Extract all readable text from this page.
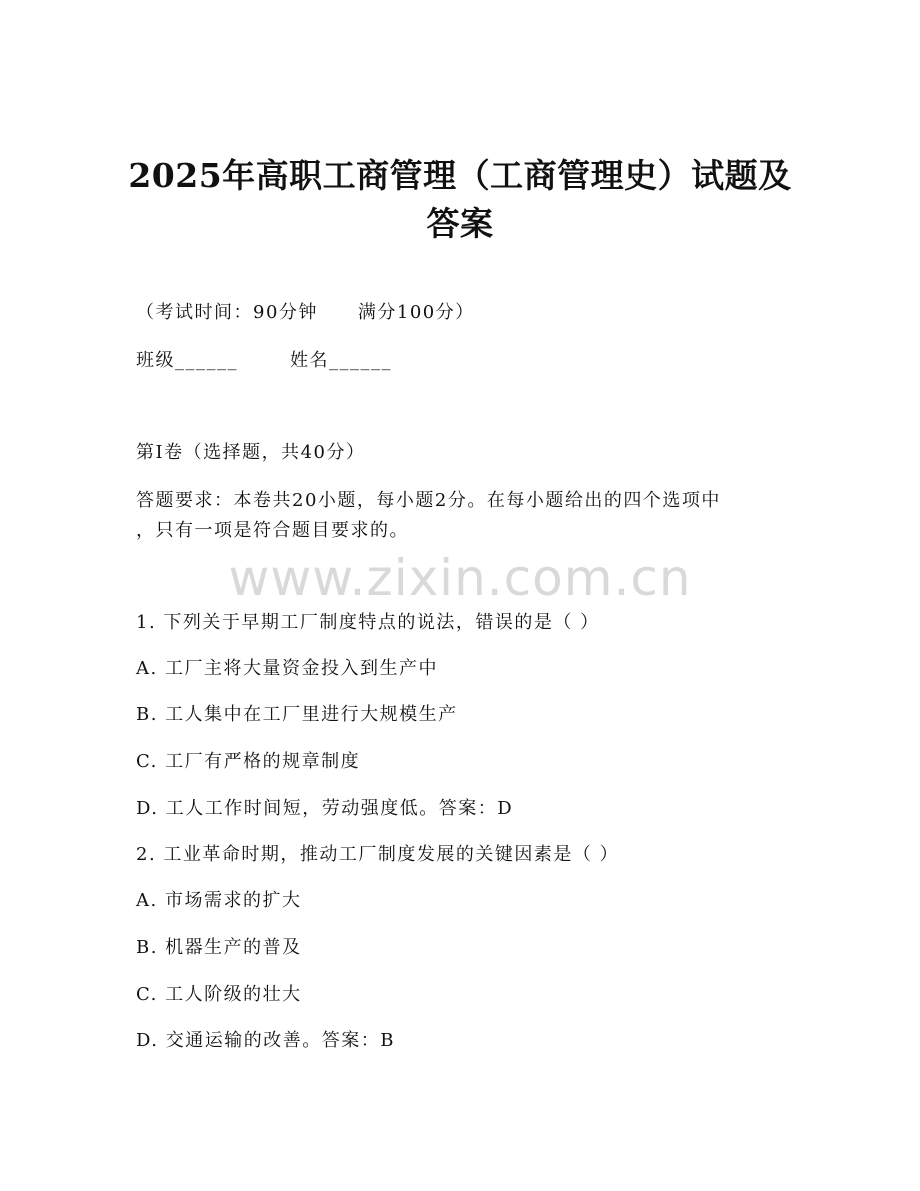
2025年高职工商管理（工商管理史）试题及答案
（考试时间：90分钟 满分100分）
班级______	姓名______
第I卷（选择题，共40分）
答题要求：本卷共20小题，每小题2分。在每小题给出的四个选项中
，只有一项是符合题目要求的。
www.zixin.com.cn
1. 下列关于早期工厂制度特点的说法，错误的是（ ）
A. 工厂主将大量资金投入到生产中
B. 工人集中在工厂里进行大规模生产
C. 工厂有严格的规章制度
D. 工人工作时间短，劳动强度低。答案：D
2. 工业革命时期，推动工厂制度发展的关键因素是（ ）
A. 市场需求的扩大
B. 机器生产的普及
C. 工人阶级的壮大
D. 交通运输的改善。答案：B
